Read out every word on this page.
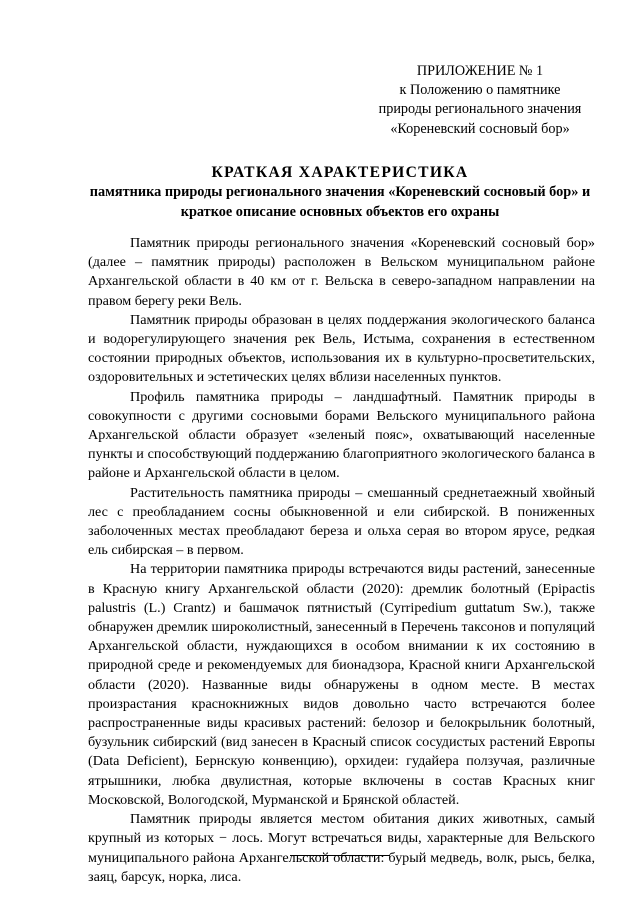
ПРИЛОЖЕНИЕ № 1
к Положению о памятнике
природы регионального значения
«Кореневский сосновый бор»
КРАТКАЯ ХАРАКТЕРИСТИКА
памятника природы регионального значения «Кореневский сосновый бор» и краткое описание основных объектов его охраны

Памятник природы регионального значения «Кореневский сосновый бор» (далее – памятник природы) расположен в Вельском муниципальном районе Архангельской области в 40 км от г. Вельска в северо-западном направлении на правом берегу реки Вель.

Памятник природы образован в целях поддержания экологического баланса и водорегулирующего значения рек Вель, Истыма, сохранения в естественном состоянии природных объектов, использования их в культурно-просветительских, оздоровительных и эстетических целях вблизи населенных пунктов.

Профиль памятника природы – ландшафтный. Памятник природы в совокупности с другими сосновыми борами Вельского муниципального района Архангельской области образует «зеленый пояс», охватывающий населенные пункты и способствующий поддержанию благоприятного экологического баланса в районе и Архангельской области в целом.

Растительность памятника природы – смешанный среднетаежный хвойный лес с преобладанием сосны обыкновенной и ели сибирской. В пониженных заболоченных местах преобладают береза и ольха серая во втором ярусе, редкая ель сибирская – в первом.

На территории памятника природы встречаются виды растений, занесенные в Красную книгу Архангельской области (2020): дремлик болотный (Epipactis palustris (L.) Crantz) и башмачок пятнистый (Cyrripedium guttatum Sw.), также обнаружен дремлик широколистный, занесенный в Перечень таксонов и популяций Архангельской области, нуждающихся в особом внимании к их состоянию в природной среде и рекомендуемых для бионадзора, Красной книги Архангельской области (2020). Названные виды обнаружены в одном месте. В местах произрастания краснокнижных видов довольно часто встречаются более распространенные виды красивых растений: белозор и белокрыльник болотный, бузульник сибирский (вид занесен в Красный список сосудистых растений Европы (Data Deficient), Бернскую конвенцию), орхидеи: гудайера ползучая, различные ятрышники, любка двулистная, которые включены в состав Красных книг Московской, Вологодской, Мурманской и Брянской областей.

Памятник природы является местом обитания диких животных, самый крупный из которых − лось. Могут встречаться виды, характерные для Вельского муниципального района Архангельской области: бурый медведь, волк, рысь, белка, заяц, барсук, норка, лиса.
